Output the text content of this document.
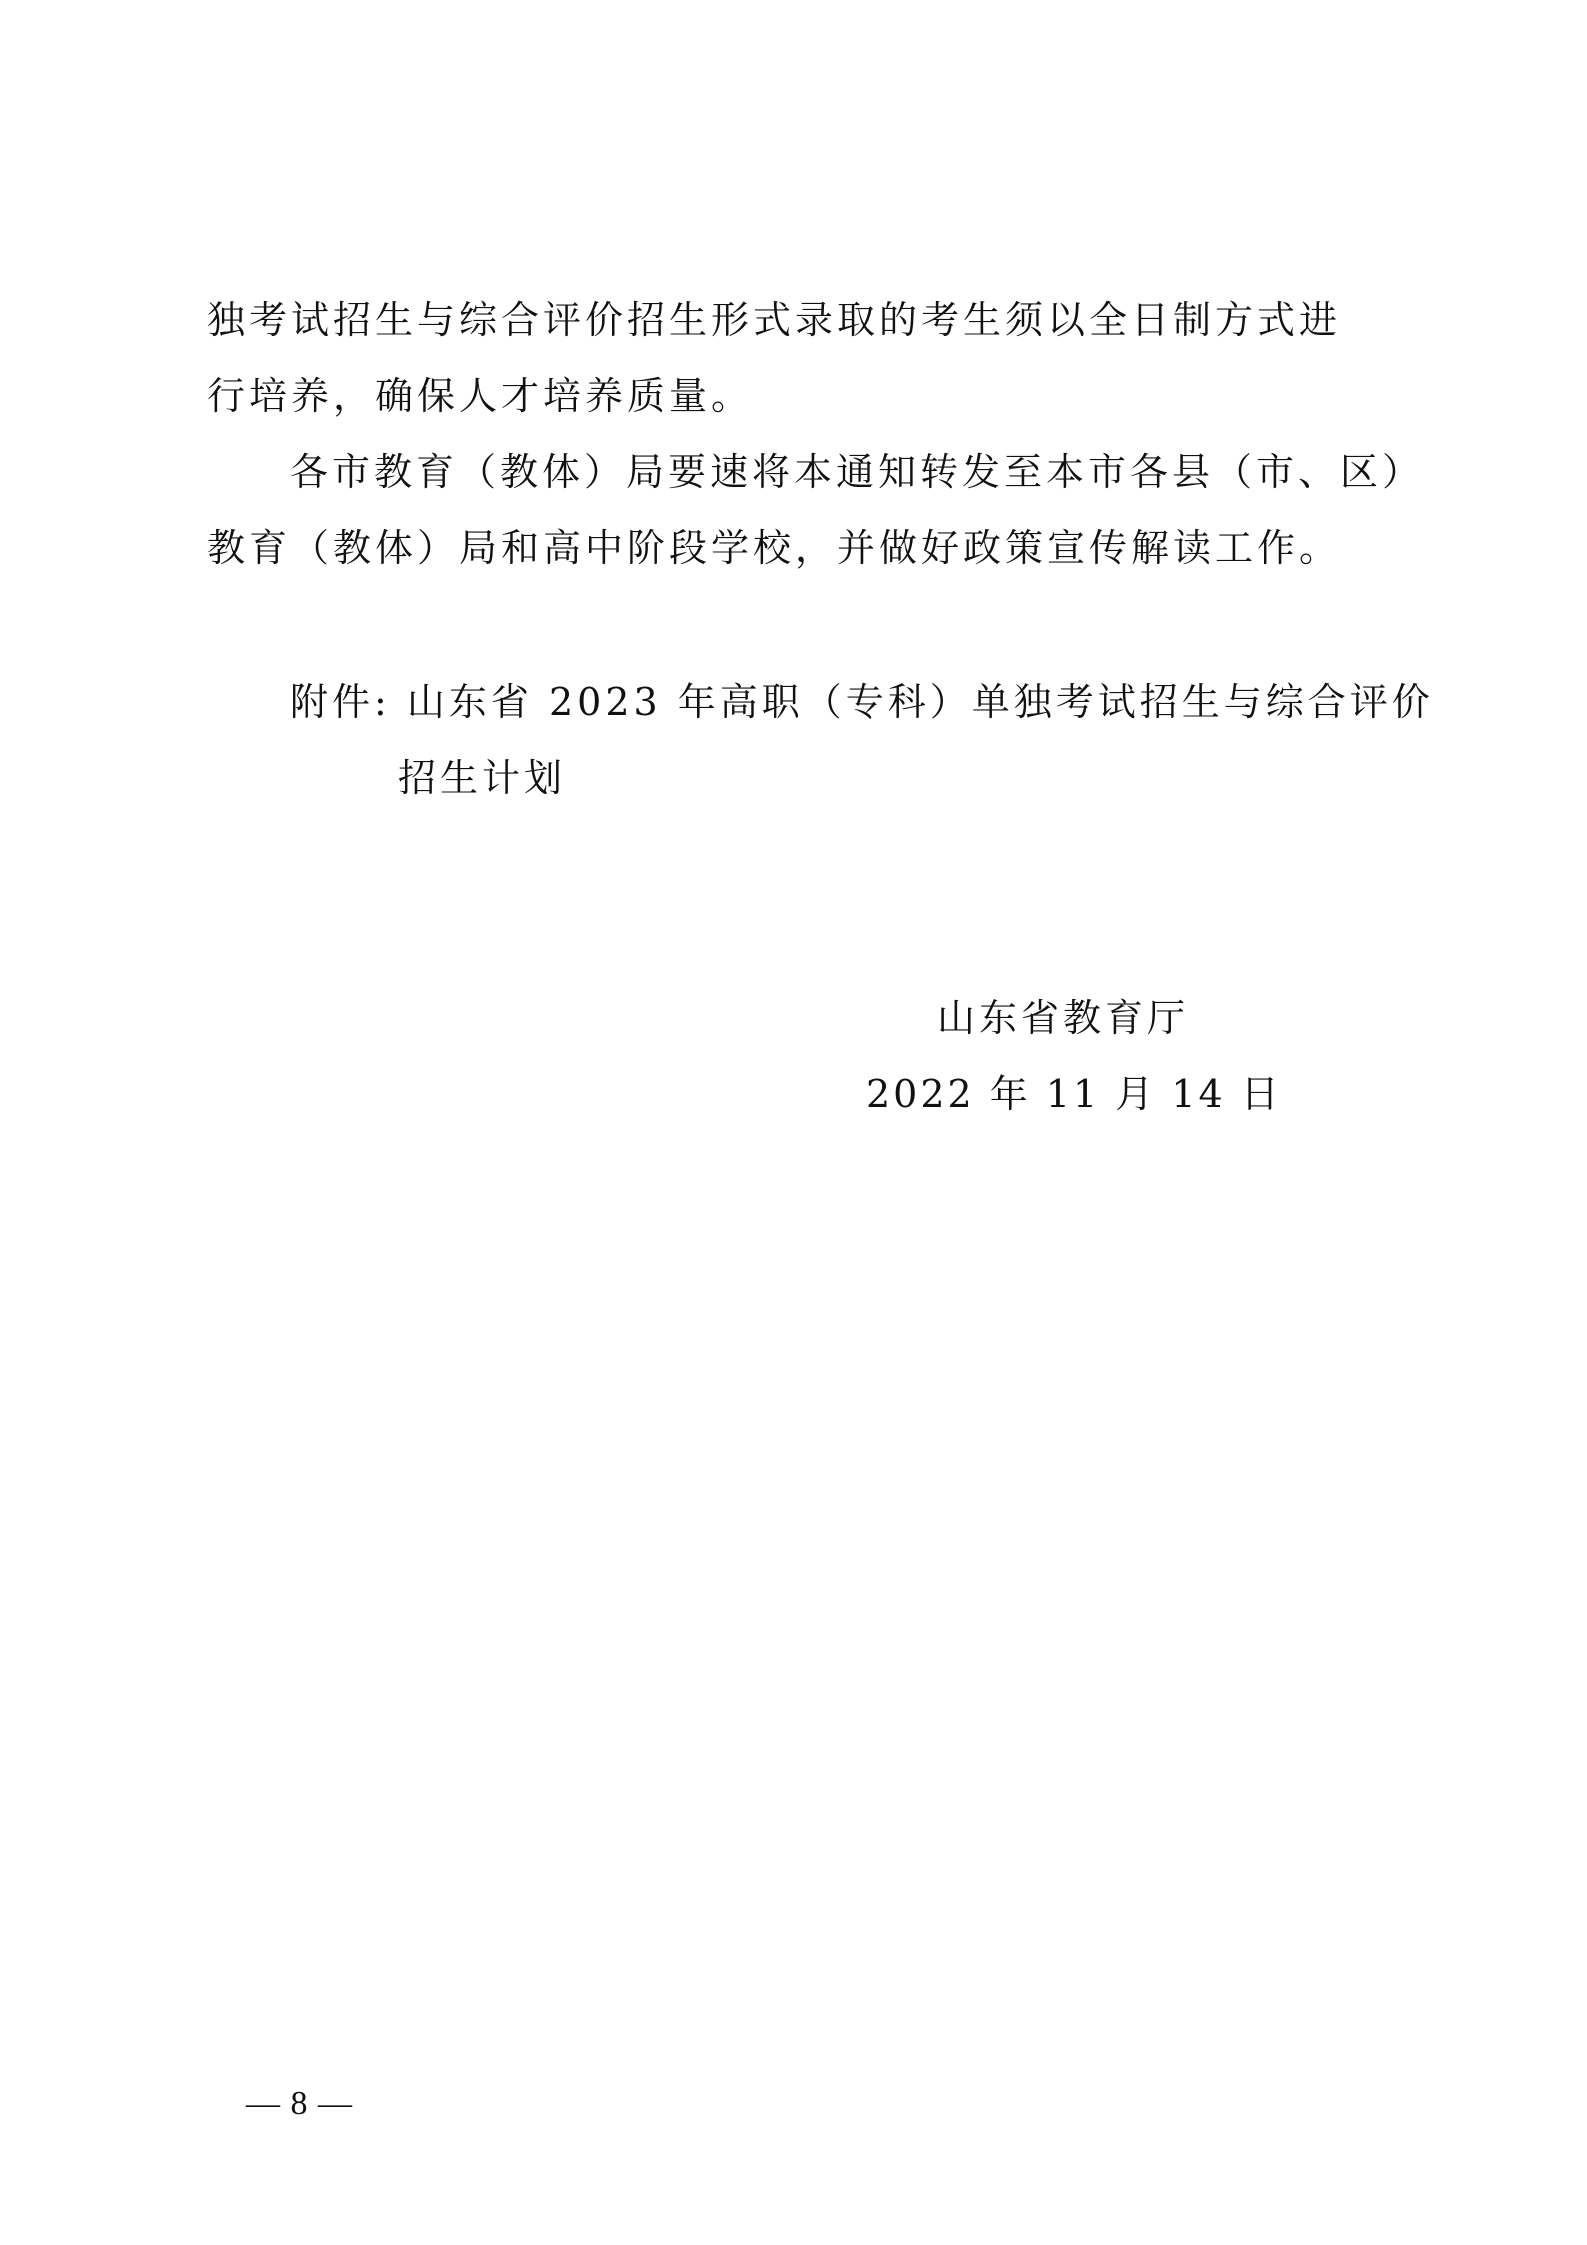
独考试招生与综合评价招生形式录取的考生须以全日制方式进

行培养，确保人才培养质量。

各市教育（教体）局要速将本通知转发至本市各县（市、区）

教育（教体）局和高中阶段学校，并做好政策宣传解读工作。

附件: 山东省 2023 年高职（专科）单独考试招生与综合评价

招生计划

山东省教育厅

2022 年 11 月 14 日

— 8 —
